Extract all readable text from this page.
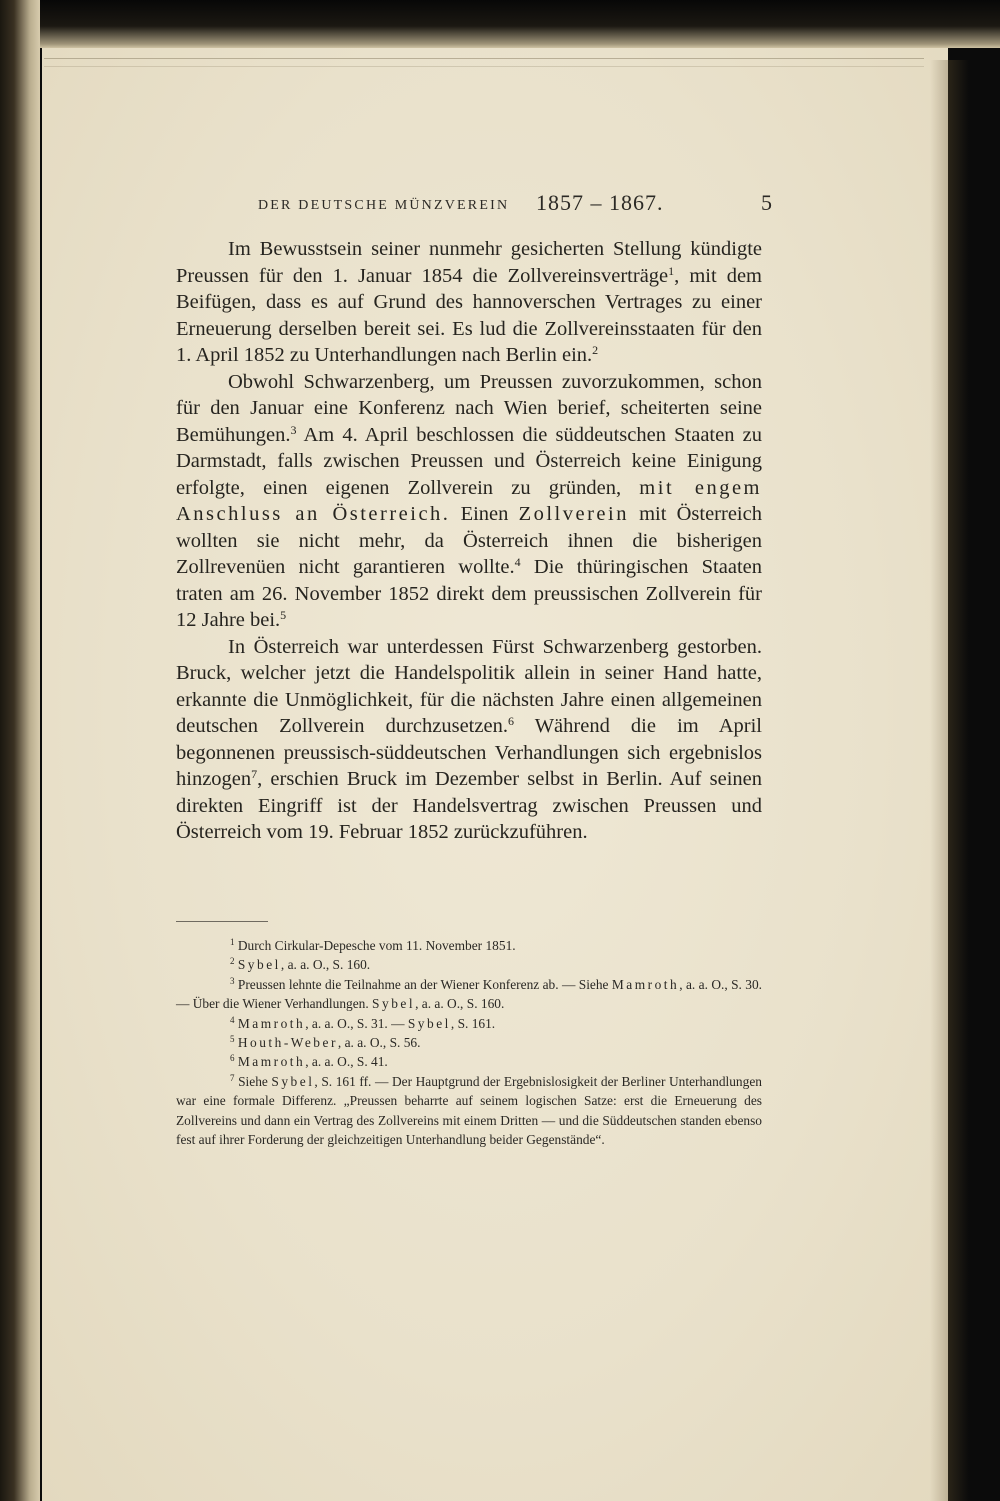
DER DEUTSCHE MÜNZVEREIN 1857 – 1867.	5

Im Bewusstsein seiner nunmehr gesicherten Stellung kündigte Preussen für den 1. Januar 1854 die Zollvereinsverträge$^1$, mit dem Beifügen, dass es auf Grund des hannoverschen Vertrages zu einer Erneuerung derselben bereit sei. Es lud die Zollvereinsstaaten für den 1. April 1852 zu Unterhandlungen nach Berlin ein.$^2$

Obwohl Schwarzenberg, um Preussen zuvorzukommen, schon für den Januar eine Konferenz nach Wien berief, scheiterten seine Bemühungen.$^3$ Am 4. April beschlossen die süddeutschen Staaten zu Darmstadt, falls zwischen Preussen und Österreich keine Einigung erfolgte, einen eigenen Zollverein zu gründen, mit engem Anschluss an Österreich. Einen Zollverein mit Österreich wollten sie nicht mehr, da Österreich ihnen die bisherigen Zollrevenüen nicht garantieren wollte.$^4$ Die thüringischen Staaten traten am 26. November 1852 direkt dem preussischen Zollverein für 12 Jahre bei.$^5$

In Österreich war unterdessen Fürst Schwarzenberg gestorben. Bruck, welcher jetzt die Handelspolitik allein in seiner Hand hatte, erkannte die Unmöglichkeit, für die nächsten Jahre einen allgemeinen deutschen Zollverein durchzusetzen.$^6$ Während die im April begonnenen preussisch-süddeutschen Verhandlungen sich ergebnislos hinzogen$^7$, erschien Bruck im Dezember selbst in Berlin. Auf seinen direkten Eingriff ist der Handelsvertrag zwischen Preussen und Österreich vom 19. Februar 1852 zurückzuführen.

$^1$ Durch Cirkular-Depesche vom 11. November 1851.

$^2$ Sybel, a. a. O., S. 160.

$^3$ Preussen lehnte die Teilnahme an der Wiener Konferenz ab. — Siehe Mamroth, a. a. O., S. 30. — Über die Wiener Verhandlungen. Sybel, a. a. O., S. 160.

$^4$ Mamroth, a. a. O., S. 31. — Sybel, S. 161.

$^5$ Houth-Weber, a. a. O., S. 56.

$^6$ Mamroth, a. a. O., S. 41.

$^7$ Siehe Sybel, S. 161 ff. — Der Hauptgrund der Ergebnislosigkeit der Berliner Unterhandlungen war eine formale Differenz. „Preussen beharrte auf seinem logischen Satze: erst die Erneuerung des Zollvereins und dann ein Vertrag des Zollvereins mit einem Dritten — und die Süddeutschen standen ebenso fest auf ihrer Forderung der gleichzeitigen Unterhandlung beider Gegenstände“.
